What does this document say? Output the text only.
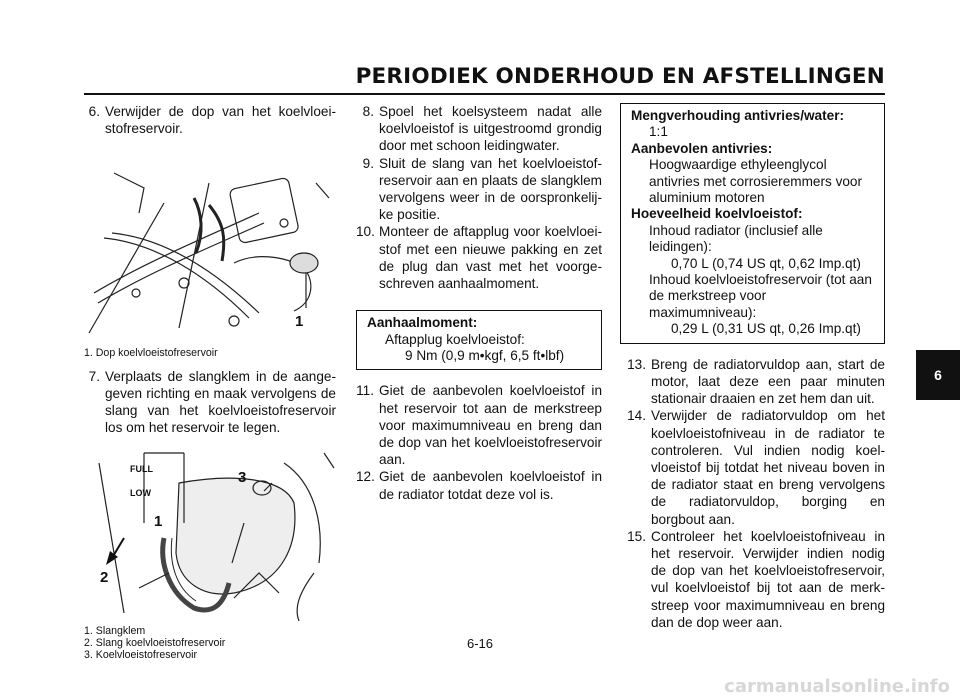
PERIODIEK ONDERHOUD EN AFSTELLINGEN
6
6. Verwijder de dop van het koelvloeistofreservoir.
1
1. Dop koelvloeistofreservoir
7. Verplaats de slangklem in de aangegeven richting en maak vervolgens de slang van het koelvloeistofreservoir los om het reservoir te legen.
FULL
LOW
3
1
2
1. Slangklem
2. Slang koelvloeistofreservoir
3. Koelvloeistofreservoir
8. Spoel het koelsysteem nadat alle koelvloeistof is uitgestroomd grondig door met schoon leidingwater.
9. Sluit de slang van het koelvloeistofreservoir aan en plaats de slangklem vervolgens weer in de oorspronkelijke positie.
10. Monteer de aftapplug voor koelvloeistof met een nieuwe pakking en zet de plug dan vast met het voorgeschreven aanhaalmoment.
Aanhaalmoment:
Aftapplug koelvloeistof:
9 Nm (0,9 m•kgf, 6,5 ft•lbf)
11. Giet de aanbevolen koelvloeistof in het reservoir tot aan de merkstreep voor maximumniveau en breng dan de dop van het koelvloeistofreservoir aan.
12. Giet de aanbevolen koelvloeistof in de radiator totdat deze vol is.
Mengverhouding antivries/water:
1:1
Aanbevolen antivries:
Hoogwaardige ethyleenglycol antivries met corrosieremmers voor aluminium motoren
Hoeveelheid koelvloeistof:
Inhoud radiator (inclusief alle leidingen):
0,70 L (0,74 US qt, 0,62 Imp.qt)
Inhoud koelvloeistofreservoir (tot aan de merkstreep voor maximumniveau):
0,29 L (0,31 US qt, 0,26 Imp.qt)
13. Breng de radiatorvuldop aan, start de motor, laat deze een paar minuten stationair draaien en zet hem dan uit.
14. Verwijder de radiatorvuldop om het koelvloeistofniveau in de radiator te controleren. Vul indien nodig koelvloeistof bij totdat het niveau boven in de radiator staat en breng vervolgens de radiatorvuldop, borging en borgbout aan.
15. Controleer het koelvloeistofniveau in het reservoir. Verwijder indien nodig de dop van het koelvloeistofreservoir, vul koelvloeistof bij tot aan de merkstreep voor maximumniveau en breng dan de dop weer aan.
6-16
carmanualsonline.info
